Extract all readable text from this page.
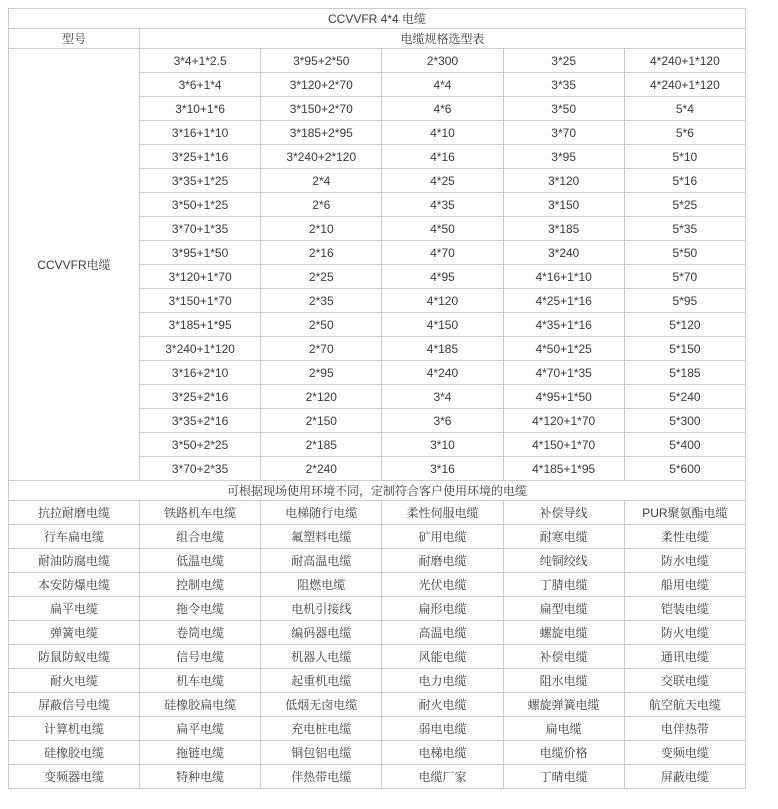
CCVVFR 4*4 电缆					
型号	电缆规格选型表				
CCVVFR电缆	3*4+1*2.5	3*95+2*50	2*300	3*25	4*240+1*120
	3*6+1*4	3*120+2*70	4*4	3*35	4*240+1*120
	3*10+1*6	3*150+2*70	4*6	3*50	5*4
	3*16+1*10	3*185+2*95	4*10	3*70	5*6
	3*25+1*16	3*240+2*120	4*16	3*95	5*10
	3*35+1*25	2*4	4*25	3*120	5*16
	3*50+1*25	2*6	4*35	3*150	5*25
	3*70+1*35	2*10	4*50	3*185	5*35
	3*95+1*50	2*16	4*70	3*240	5*50
	3*120+1*70	2*25	4*95	4*16+1*10	5*70
	3*150+1*70	2*35	4*120	4*25+1*16	5*95
	3*185+1*95	2*50	4*150	4*35+1*16	5*120
	3*240+1*120	2*70	4*185	4*50+1*25	5*150
	3*16+2*10	2*95	4*240	4*70+1*35	5*185
	3*25+2*16	2*120	3*4	4*95+1*50	5*240
	3*35+2*16	2*150	3*6	4*120+1*70	5*300
	3*50+2*25	2*185	3*10	4*150+1*70	5*400
	3*70+2*35	2*240	3*16	4*185+1*95	5*600
可根据现场使用环境不同，定制符合客户使用环境的电缆					
抗拉耐磨电缆	铁路机车电缆	电梯随行电缆	柔性伺服电缆	补偿导线	PUR聚氨酯电缆
行车扁电缆	组合电缆	氟塑料电缆	矿用电缆	耐寒电缆	柔性电缆
耐油防腐电缆	低温电缆	耐高温电缆	耐磨电缆	纯铜绞线	防水电缆
本安防爆电缆	控制电缆	阻燃电缆	光伏电缆	丁腈电缆	船用电缆
扁平电缆	拖令电缆	电机引接线	扁形电缆	扁型电缆	铠装电缆
弹簧电缆	卷筒电缆	编码器电缆	高温电缆	螺旋电缆	防火电缆
防鼠防蚁电缆	信号电缆	机器人电缆	风能电缆	补偿电缆	通讯电缆
耐火电缆	机车电缆	起重机电缆	电力电缆	阻水电缆	交联电缆
屏蔽信号电缆	硅橡胶扁电缆	低烟无卤电缆	耐火电缆	螺旋弹簧电缆	航空航天电缆
计算机电缆	扁平电缆	充电桩电缆	弱电电缆	扁电缆	电伴热带
硅橡胶电缆	拖链电缆	铜包铝电缆	电梯电缆	电缆价格	变频电缆
变频器电缆	特种电缆	伴热带电缆	电缆厂家	丁晴电缆	屏蔽电缆
